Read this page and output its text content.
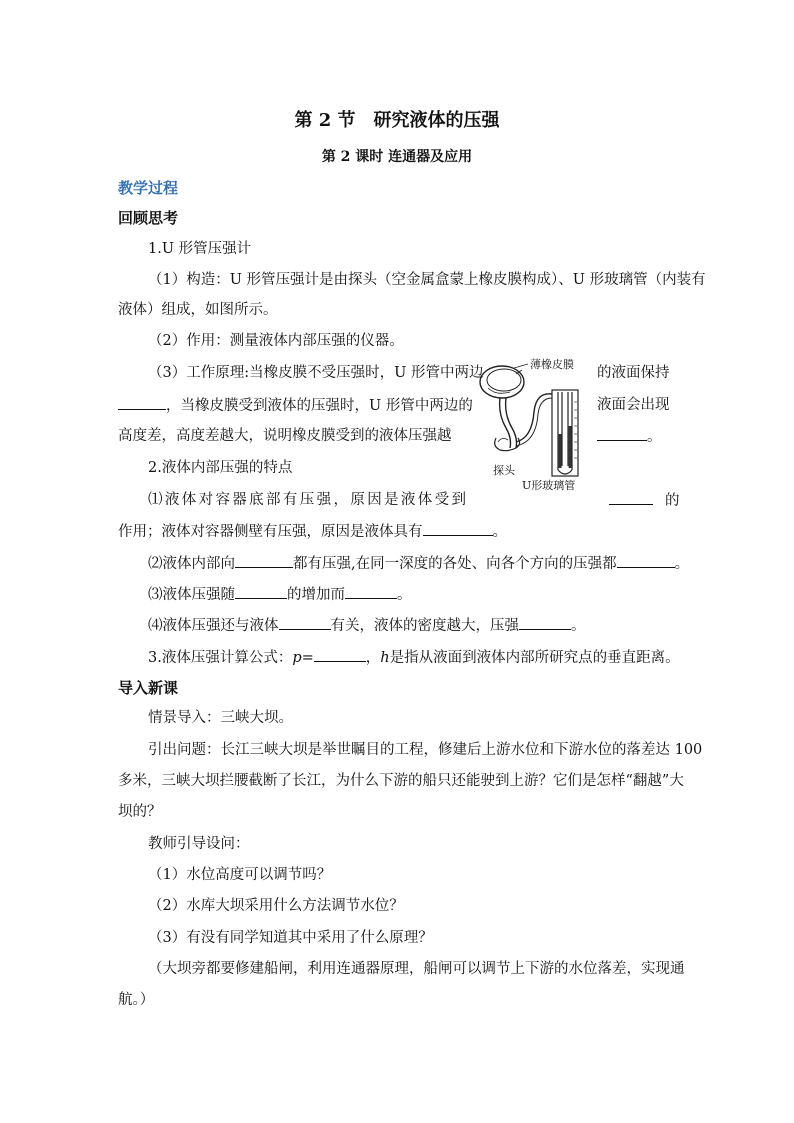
第 2 节　研究液体的压强
第 2 课时 连通器及应用
教学过程
回顾思考
1.U 形管压强计
（1）构造：U 形管压强计是由探头（空金属盒蒙上橡皮膜构成）、U 形玻璃管（内装有
液体）组成，如图所示。
（2）作用：测量液体内部压强的仪器。
（3）工作原理:当橡皮膜不受压强时，U 形管中两边	的液面保持
，当橡皮膜受到液体的压强时，U 形管中两边的	液面会出现
高度差，高度差越大，说明橡皮膜受到的液体压强越	。
薄橡皮膜
探头
U形玻璃管
2.液体内部压强的特点
⑴液体对容器底部有压强，原因是液体受到	的
作用；液体对容器侧壁有压强，原因是液体具有	。
⑵液体内部向	都有压强,在同一深度的各处、向各个方向的压强都	。
⑶液体压强随	的增加而	。
⑷液体压强还与液体	有关，液体的密度越大，压强	。
3.液体压强计算公式：p=	，h是指从液面到液体内部所研究点的垂直距离。
导入新课
情景导入：三峡大坝。
引出问题：长江三峡大坝是举世瞩目的工程，修建后上游水位和下游水位的落差达 100
多米，三峡大坝拦腰截断了长江，为什么下游的船只还能驶到上游？它们是怎样“翻越”大
坝的？
教师引导设问：
（1）水位高度可以调节吗？
（2）水库大坝采用什么方法调节水位？
（3）有没有同学知道其中采用了什么原理？
（大坝旁都要修建船闸，利用连通器原理，船闸可以调节上下游的水位落差，实现通
航。）
